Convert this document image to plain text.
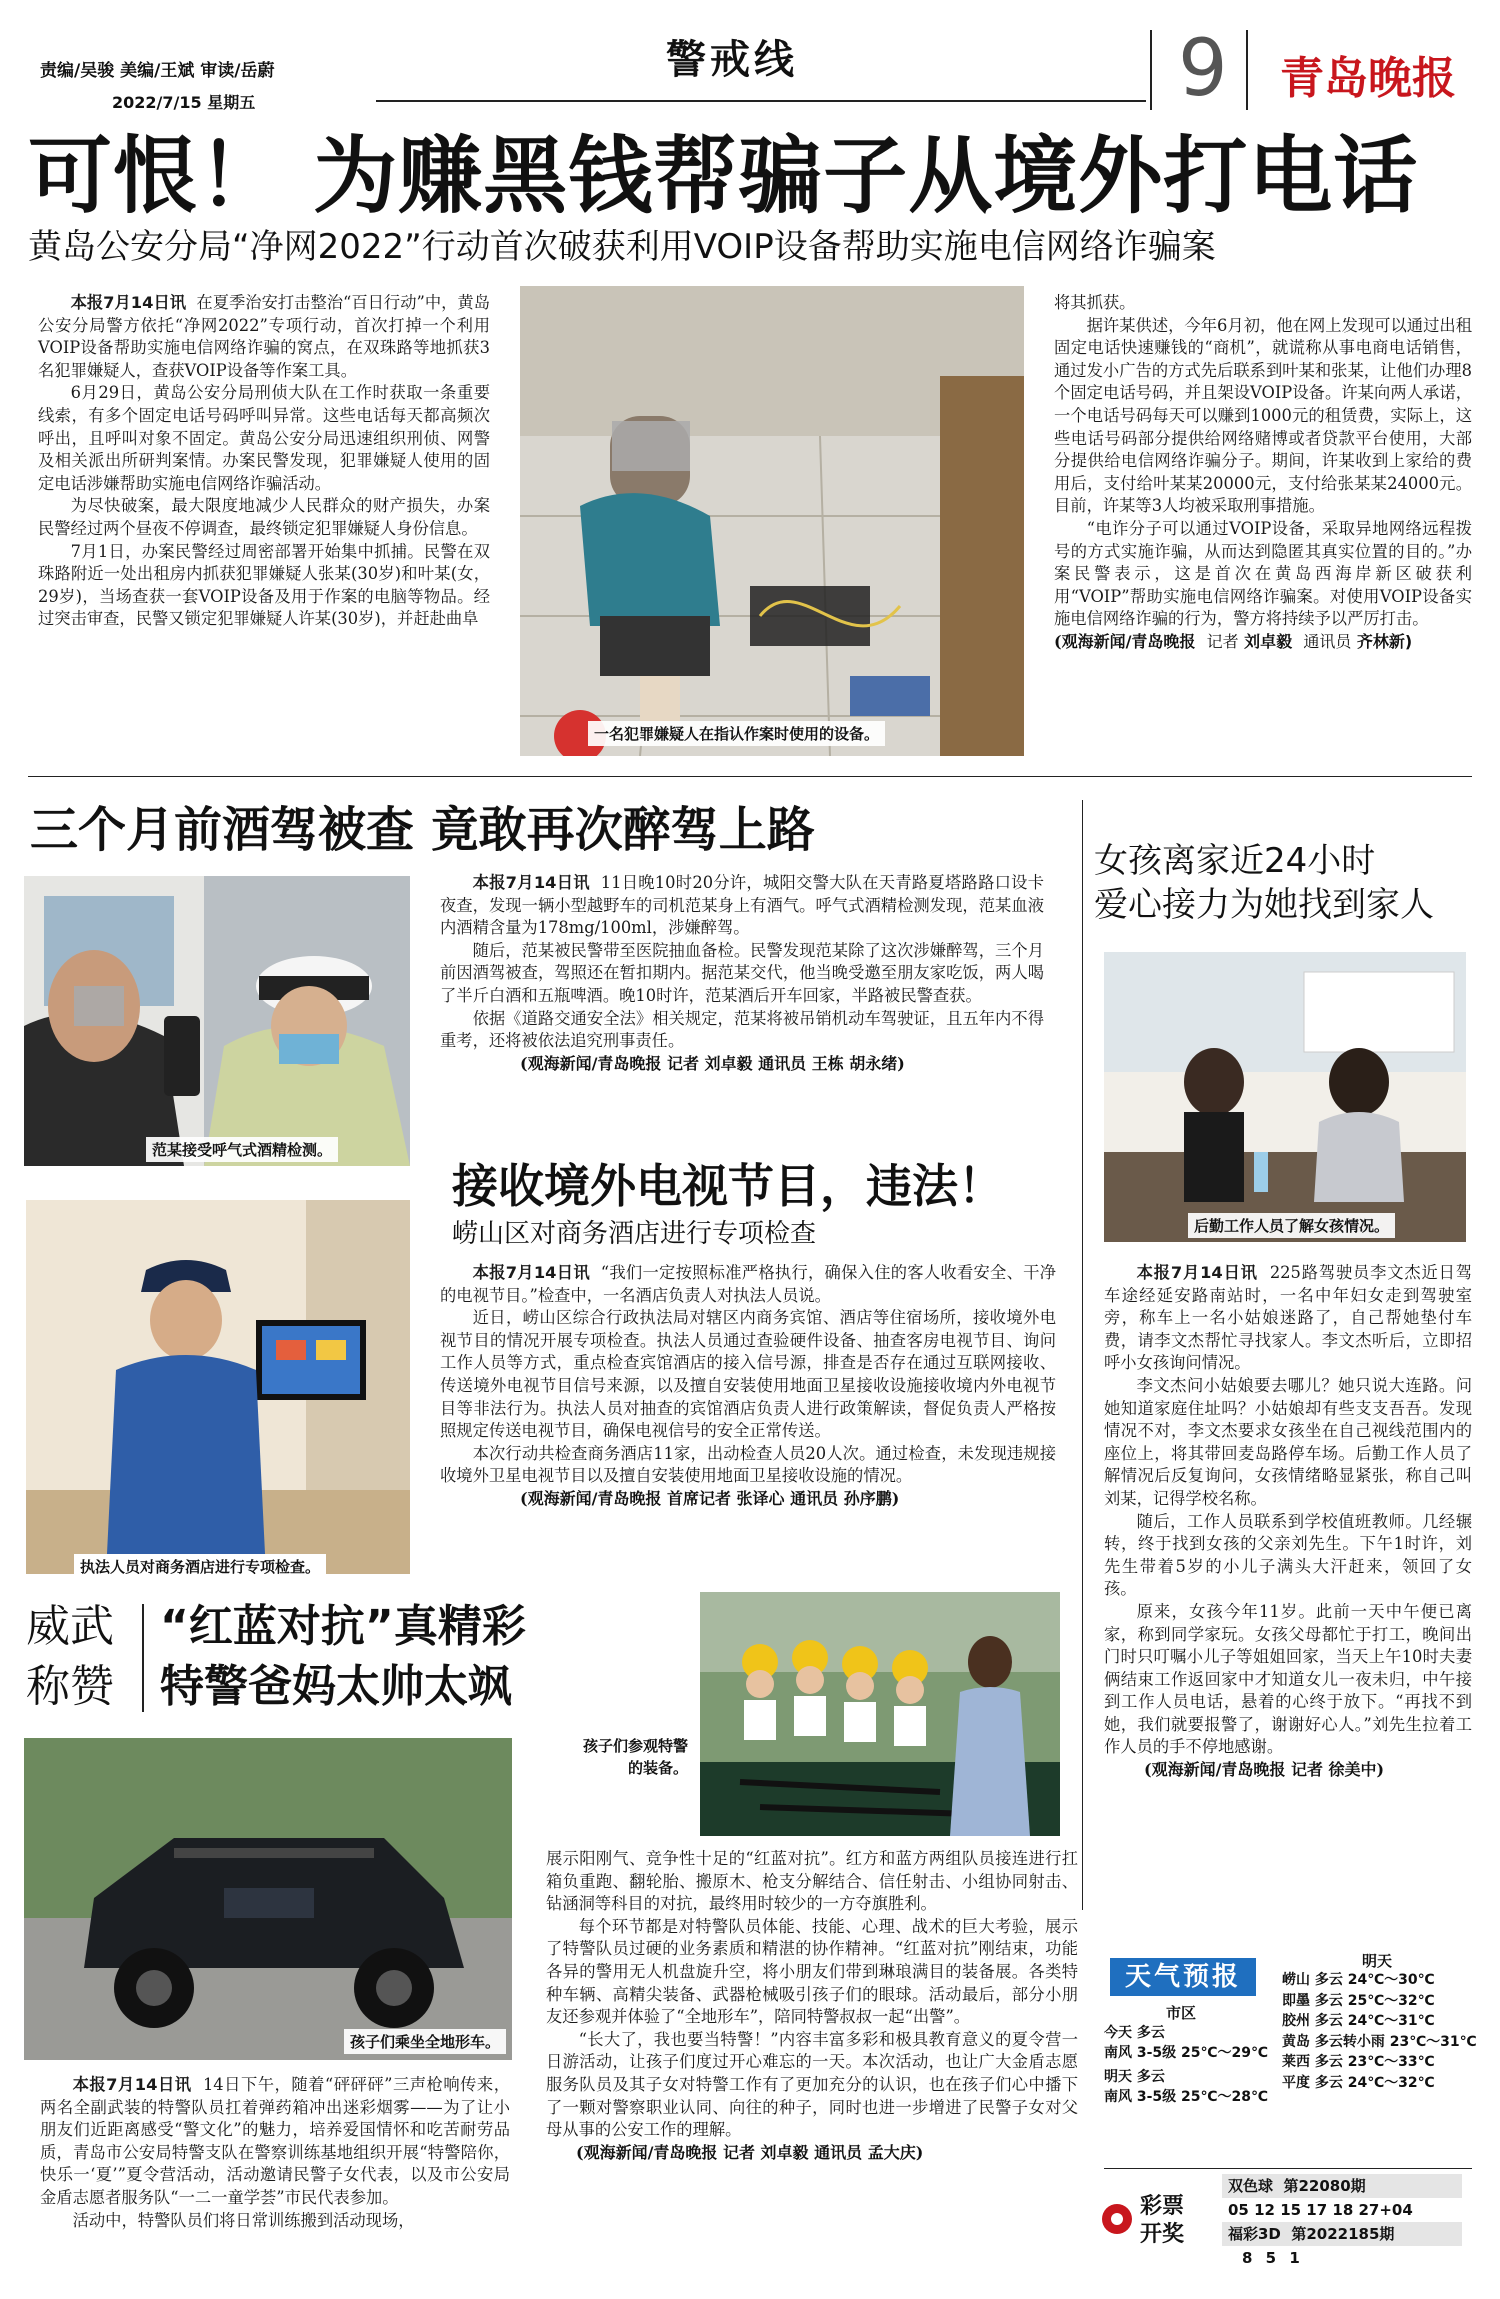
责编/吴骏 美编/王斌 审读/岳蔚
2022/7/15 星期五
警戒线	9 青岛晚报
可恨！ 为赚黑钱帮骗子从境外打电话
黄岛公安分局“净网2022”行动首次破获利用VOIP设备帮助实施电信网络诈骗案

本报7月14日讯 在夏季治安打击整治“百日行动”中，黄岛公安分局警方依托“净网2022”专项行动，首次打掉一个利用VOIP设备帮助实施电信网络诈骗的窝点，在双珠路等地抓获3名犯罪嫌疑人，查获VOIP设备等作案工具。

6月29日，黄岛公安分局刑侦大队在工作时获取一条重要线索，有多个固定电话号码呼叫异常。这些电话每天都高频次呼出，且呼叫对象不固定。黄岛公安分局迅速组织刑侦、网警及相关派出所研判案情。办案民警发现，犯罪嫌疑人使用的固定电话涉嫌帮助实施电信网络诈骗活动。

为尽快破案，最大限度地减少人民群众的财产损失，办案民警经过两个昼夜不停调查，最终锁定犯罪嫌疑人身份信息。

7月1日，办案民警经过周密部署开始集中抓捕。民警在双珠路附近一处出租房内抓获犯罪嫌疑人张某(30岁)和叶某(女，29岁)，当场查获一套VOIP设备及用于作案的电脑等物品。经过突击审查，民警又锁定犯罪嫌疑人许某(30岁)，并赶赴曲阜

一名犯罪嫌疑人在指认作案时使用的设备。

将其抓获。

据许某供述，今年6月初，他在网上发现可以通过出租固定电话快速赚钱的“商机”，就谎称从事电商电话销售，通过发小广告的方式先后联系到叶某和张某，让他们办理8个固定电话号码，并且架设VOIP设备。许某向两人承诺，一个电话号码每天可以赚到1000元的租赁费，实际上，这些电话号码部分提供给网络赌博或者贷款平台使用，大部分提供给电信网络诈骗分子。期间，许某收到上家给的费用后，支付给叶某某20000元，支付给张某某24000元。目前，许某等3人均被采取刑事措施。

“电诈分子可以通过VOIP设备，采取异地网络远程拨号的方式实施诈骗，从而达到隐匿其真实位置的目的。”办案民警表示，这是首次在黄岛西海岸新区破获利用“VOIP”帮助实施电信网络诈骗案。对使用VOIP设备实施电信网络诈骗的行为，警方将持续予以严厉打击。

(观海新闻/青岛晚报 记者 刘卓毅 通讯员 齐林新)

三个月前酒驾被查 竟敢再次醉驾上路
范某接受呼气式酒精检测。

本报7月14日讯 11日晚10时20分许，城阳交警大队在天青路夏塔路路口设卡夜查，发现一辆小型越野车的司机范某身上有酒气。呼气式酒精检测发现，范某血液内酒精含量为178mg/100ml，涉嫌醉驾。

随后，范某被民警带至医院抽血备检。民警发现范某除了这次涉嫌醉驾，三个月前因酒驾被查，驾照还在暂扣期内。据范某交代，他当晚受邀至朋友家吃饭，两人喝了半斤白酒和五瓶啤酒。晚10时许，范某酒后开车回家，半路被民警查获。

依据《道路交通安全法》相关规定，范某将被吊销机动车驾驶证，且五年内不得重考，还将被依法追究刑事责任。

(观海新闻/青岛晚报 记者 刘卓毅 通讯员 王栋 胡永绪)

执法人员对商务酒店进行专项检查。
接收境外电视节目，违法！
崂山区对商务酒店进行专项检查

本报7月14日讯 “我们一定按照标准严格执行，确保入住的客人收看安全、干净的电视节目。”检查中，一名酒店负责人对执法人员说。

近日，崂山区综合行政执法局对辖区内商务宾馆、酒店等住宿场所，接收境外电视节目的情况开展专项检查。执法人员通过查验硬件设备、抽查客房电视节目、询问工作人员等方式，重点检查宾馆酒店的接入信号源，排查是否存在通过互联网接收、传送境外电视节目信号来源，以及擅自安装使用地面卫星接收设施接收境内外电视节目等非法行为。执法人员对抽查的宾馆酒店负责人进行政策解读，督促负责人严格按照规定传送电视节目，确保电视信号的安全正常传送。

本次行动共检查商务酒店11家，出动检查人员20人次。通过检查，未发现违规接收境外卫星电视节目以及擅自安装使用地面卫星接收设施的情况。

(观海新闻/青岛晚报 首席记者 张译心 通讯员 孙序鹏)

女孩离家近24小时
爱心接力为她找到家人
后勤工作人员了解女孩情况。

本报7月14日讯 225路驾驶员李文杰近日驾车途经延安路南站时，一名中年妇女走到驾驶室旁，称车上一名小姑娘迷路了，自己帮她垫付车费，请李文杰帮忙寻找家人。李文杰听后，立即招呼小女孩询问情况。

李文杰问小姑娘要去哪儿？她只说大连路。问她知道家庭住址吗？小姑娘却有些支支吾吾。发现情况不对，李文杰要求女孩坐在自己视线范围内的座位上，将其带回麦岛路停车场。后勤工作人员了解情况后反复询问，女孩情绪略显紧张，称自己叫刘某，记得学校名称。

随后，工作人员联系到学校值班教师。几经辗转，终于找到女孩的父亲刘先生。下午1时许，刘先生带着5岁的小儿子满头大汗赶来，领回了女孩。

原来，女孩今年11岁。此前一天中午便已离家，称到同学家玩。女孩父母都忙于打工，晚间出门时只叮嘱小儿子等姐姐回家，当天上午10时夫妻俩结束工作返回家中才知道女儿一夜未归，中午接到工作人员电话，悬着的心终于放下。“再找不到她，我们就要报警了，谢谢好心人。”刘先生拉着工作人员的手不停地感谢。

(观海新闻/青岛晚报 记者 徐美中)

威武
称赞
“红蓝对抗”真精彩
特警爸妈太帅太飒
孩子们参观特警的装备。
孩子们乘坐全地形车。

本报7月14日讯 14日下午，随着“砰砰砰”三声枪响传来，两名全副武装的特警队员扛着弹药箱冲出迷彩烟雾——为了让小朋友们近距离感受“警文化”的魅力，培养爱国情怀和吃苦耐劳品质，青岛市公安局特警支队在警察训练基地组织开展“特警陪你，快乐一‘夏’”夏令营活动，活动邀请民警子女代表，以及市公安局金盾志愿者服务队“一二一童学荟”市民代表参加。

活动中，特警队员们将日常训练搬到活动现场，

展示阳刚气、竞争性十足的“红蓝对抗”。红方和蓝方两组队员接连进行扛箱负重跑、翻轮胎、搬原木、枪支分解结合、信任射击、小组协同射击、钻涵洞等科目的对抗，最终用时较少的一方夺旗胜利。

每个环节都是对特警队员体能、技能、心理、战术的巨大考验，展示了特警队员过硬的业务素质和精湛的协作精神。“红蓝对抗”刚结束，功能各异的警用无人机盘旋升空，将小朋友们带到琳琅满目的装备展。各类特种车辆、高精尖装备、武器枪械吸引孩子们的眼球。活动最后，部分小朋友还参观并体验了“全地形车”，陪同特警叔叔一起“出警”。

“长大了，我也要当特警！”内容丰富多彩和极具教育意义的夏令营一日游活动，让孩子们度过开心难忘的一天。本次活动，也让广大金盾志愿服务队员及其子女对特警工作有了更加充分的认识，也在孩子们心中播下了一颗对警察职业认同、向往的种子，同时也进一步增进了民警子女对父母从事的公安工作的理解。

(观海新闻/青岛晚报 记者 刘卓毅 通讯员 孟大庆)

天气预报
明天
市区
今天 多云
南风 3-5级 25℃～29℃
明天 多云
南风 3-5级 25℃～28℃
崂山 多云 24℃～30℃
即墨 多云 25℃～32℃
胶州 多云 24℃～31℃
黄岛 多云转小雨 23℃～31℃
莱西 多云 23℃～33℃
平度 多云 24℃～32℃
彩票
开奖
双色球 第22080期
05 12 15 17 18 27+04
福彩3D 第2022185期
8 5 1
